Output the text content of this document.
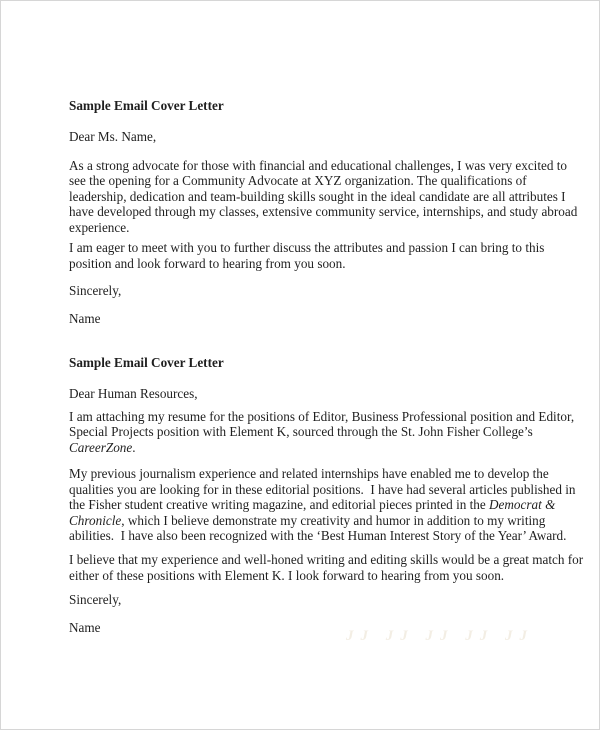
Sample Email Cover Letter
Dear Ms. Name,
As a strong advocate for those with financial and educational challenges, I was very excited to
see the opening for a Community Advocate at XYZ organization. The qualifications of
leadership, dedication and team-building skills sought in the ideal candidate are all attributes I
have developed through my classes, extensive community service, internships, and study abroad
experience.
I am eager to meet with you to further discuss the attributes and passion I can bring to this
position and look forward to hearing from you soon.
Sincerely,
Name
Sample Email Cover Letter
Dear Human Resources,
I am attaching my resume for the positions of Editor, Business Professional position and Editor,
Special Projects position with Element K, sourced through the St. John Fisher College’s
CareerZone.
My previous journalism experience and related internships have enabled me to develop the
qualities you are looking for in these editorial positions.  I have had several articles published in
the Fisher student creative writing magazine, and editorial pieces printed in the Democrat &
Chronicle, which I believe demonstrate my creativity and humor in addition to my writing
abilities.  I have also been recognized with the ‘Best Human Interest Story of the Year’ Award.
I believe that my experience and well-honed writing and editing skills would be a great match for
either of these positions with Element K. I look forward to hearing from you soon.
Sincerely,
Name
JJ JJ JJ JJ JJ
